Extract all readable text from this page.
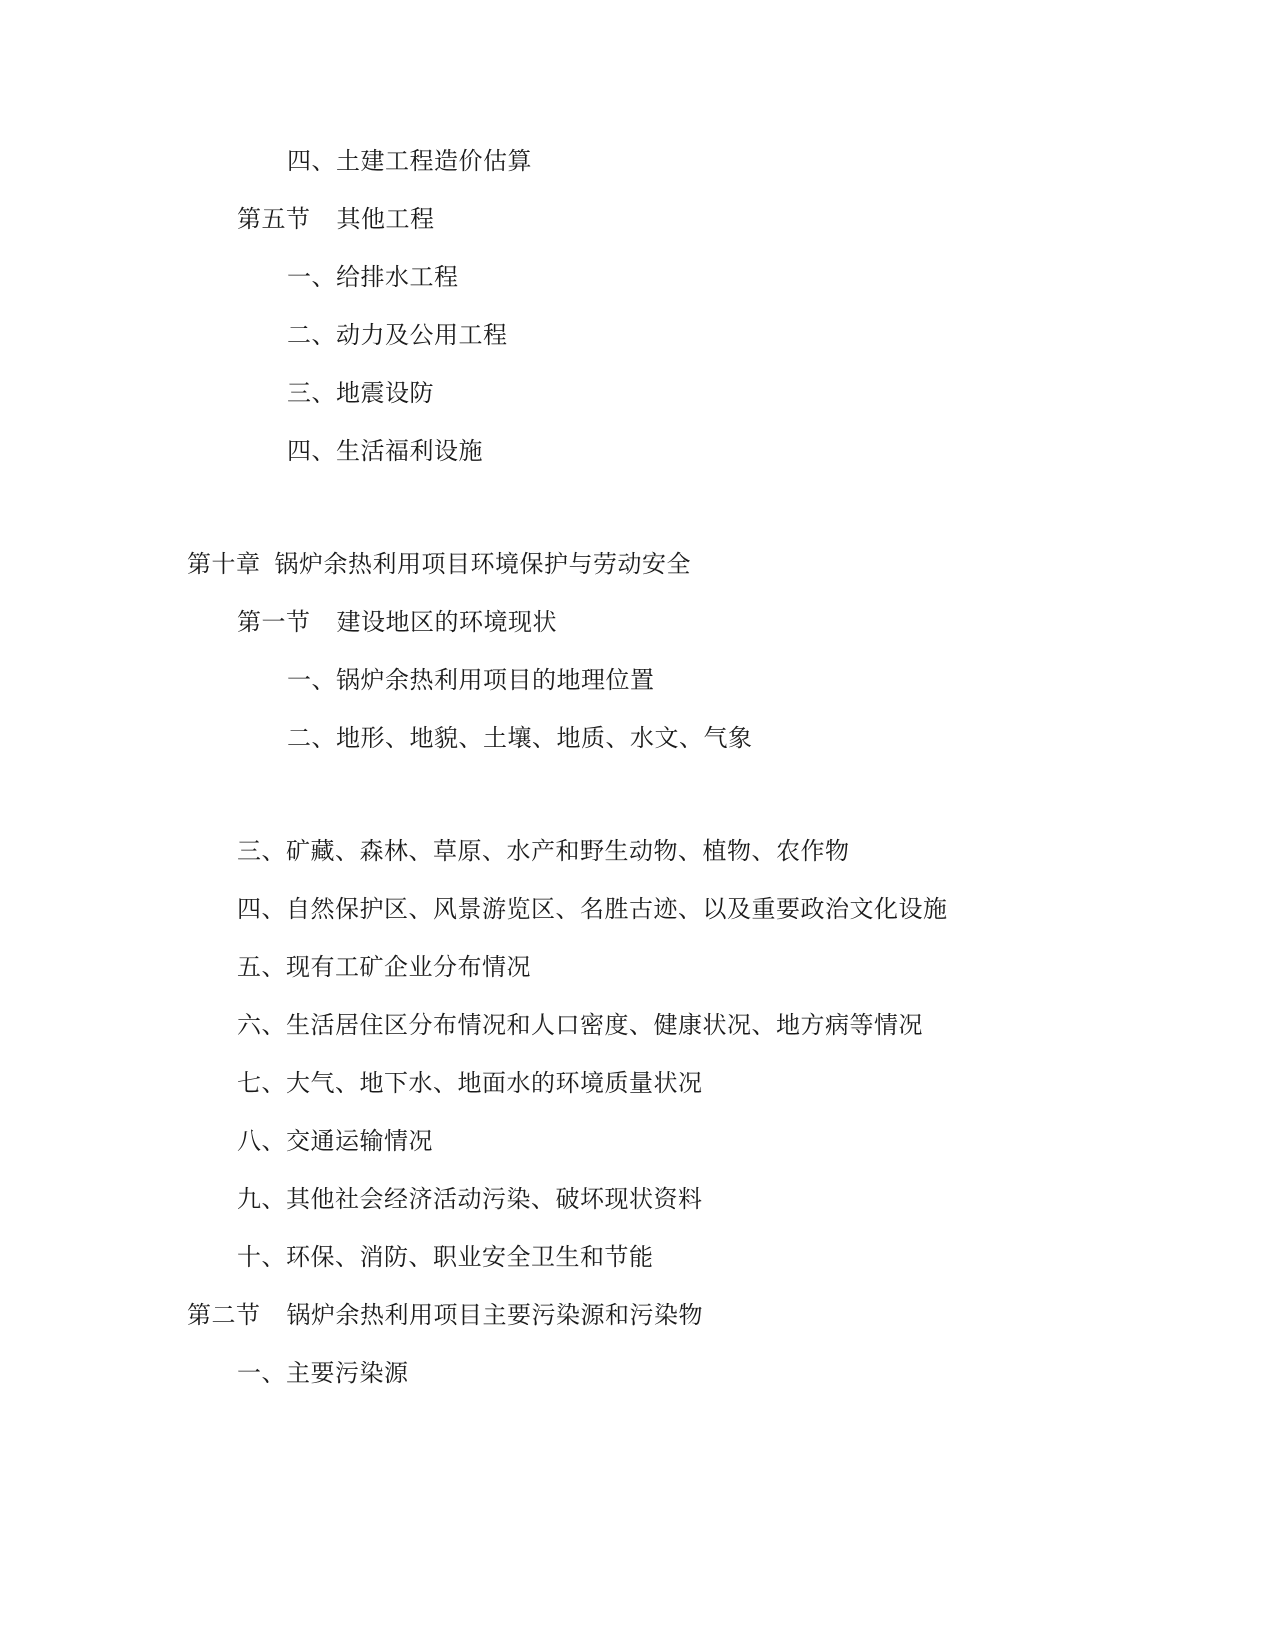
四、土建工程造价估算
第五节 其他工程
一、给排水工程
二、动力及公用工程
三、地震设防
四、生活福利设施
第十章 锅炉余热利用项目环境保护与劳动安全
第一节 建设地区的环境现状
一、锅炉余热利用项目的地理位置
二、地形、地貌、土壤、地质、水文、气象
三、矿藏、森林、草原、水产和野生动物、植物、农作物
四、自然保护区、风景游览区、名胜古迹、以及重要政治文化设施
五、现有工矿企业分布情况
六、生活居住区分布情况和人口密度、健康状况、地方病等情况
七、大气、地下水、地面水的环境质量状况
八、交通运输情况
九、其他社会经济活动污染、破坏现状资料
十、环保、消防、职业安全卫生和节能
第二节 锅炉余热利用项目主要污染源和污染物
一、主要污染源
